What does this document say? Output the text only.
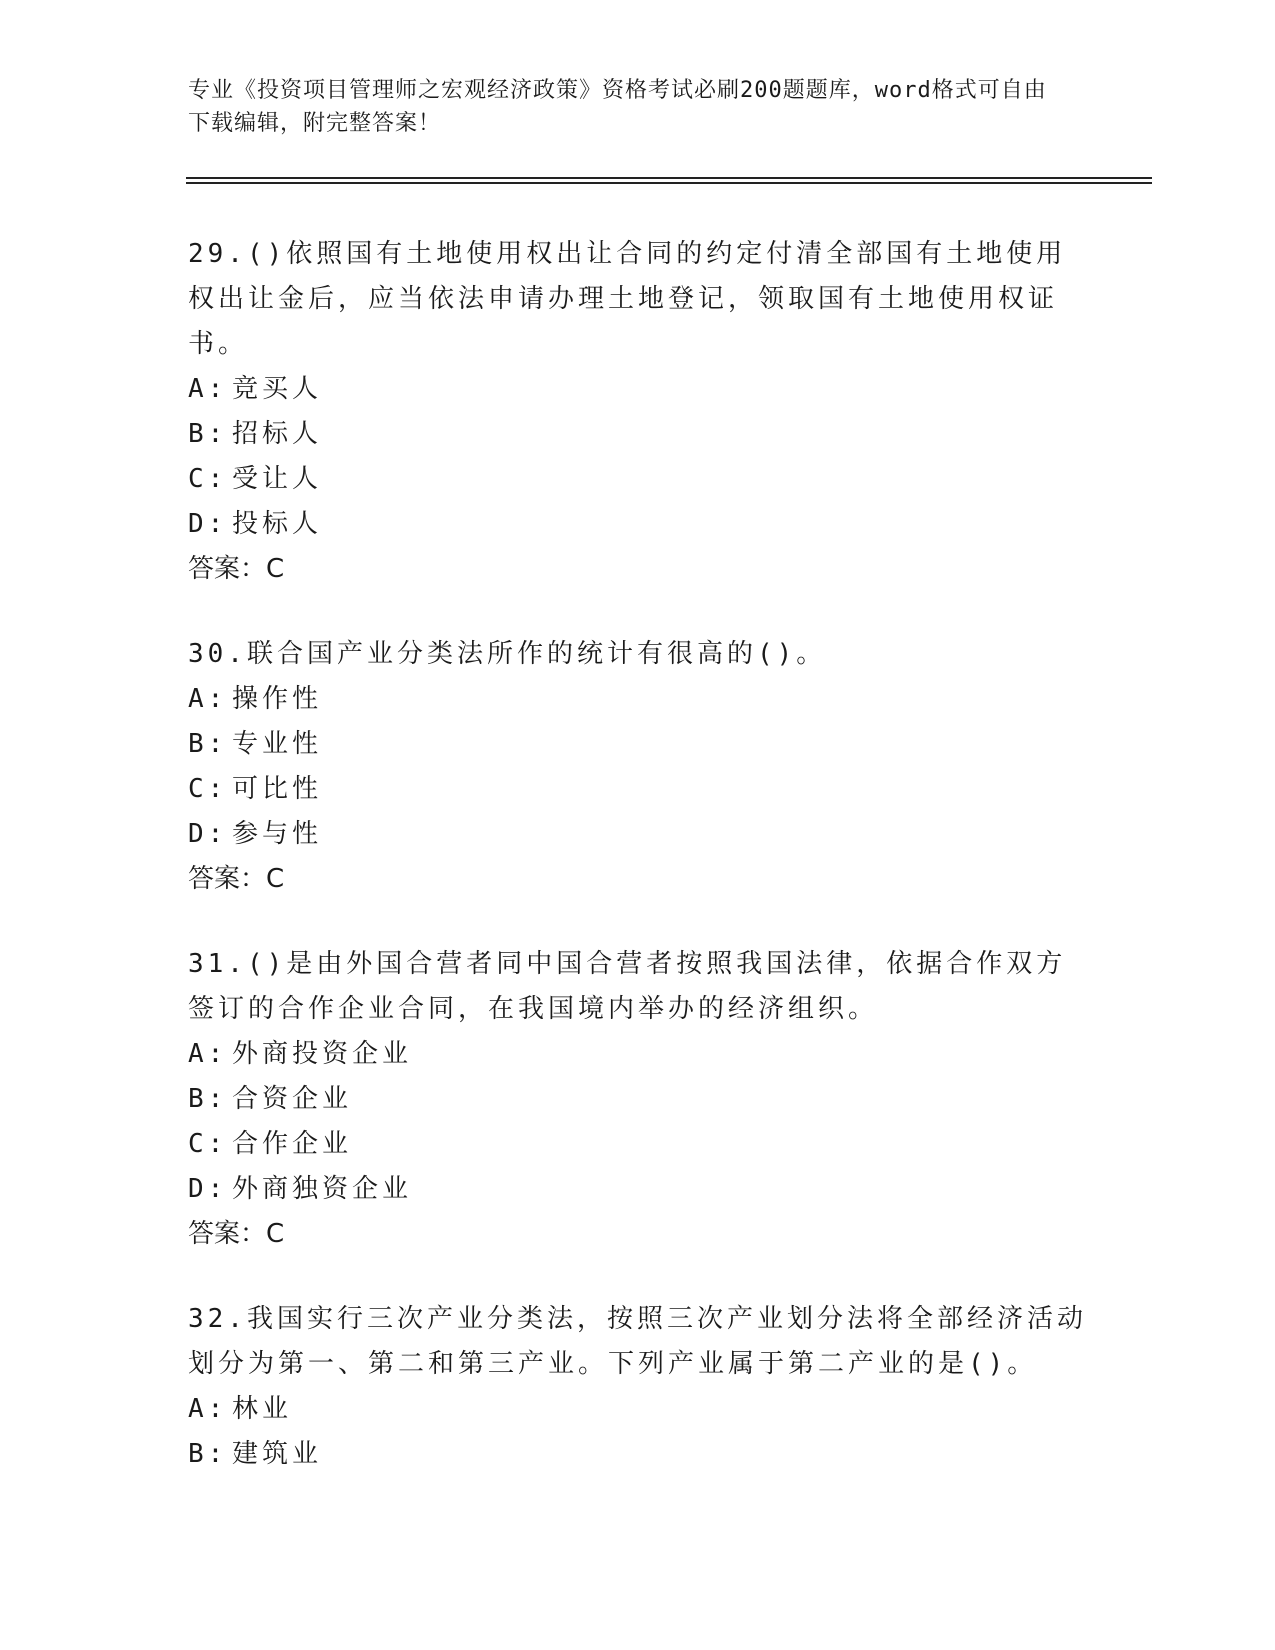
专业《投资项目管理师之宏观经济政策》资格考试必刷200题题库，word格式可自由下载编辑，附完整答案！

29.()依照国有土地使用权出让合同的约定付清全部国有土地使用权出让金后，应当依法申请办理土地登记，领取国有土地使用权证书。

A: 竞买人

B: 招标人

C: 受让人

D: 投标人

答案：C

30.联合国产业分类法所作的统计有很高的()。

A: 操作性

B: 专业性

C: 可比性

D: 参与性

答案：C

31.()是由外国合营者同中国合营者按照我国法律，依据合作双方签订的合作企业合同，在我国境内举办的经济组织。

A: 外商投资企业

B: 合资企业

C: 合作企业

D: 外商独资企业

答案：C

32.我国实行三次产业分类法，按照三次产业划分法将全部经济活动划分为第一、第二和第三产业。下列产业属于第二产业的是()。

A: 林业

B: 建筑业
